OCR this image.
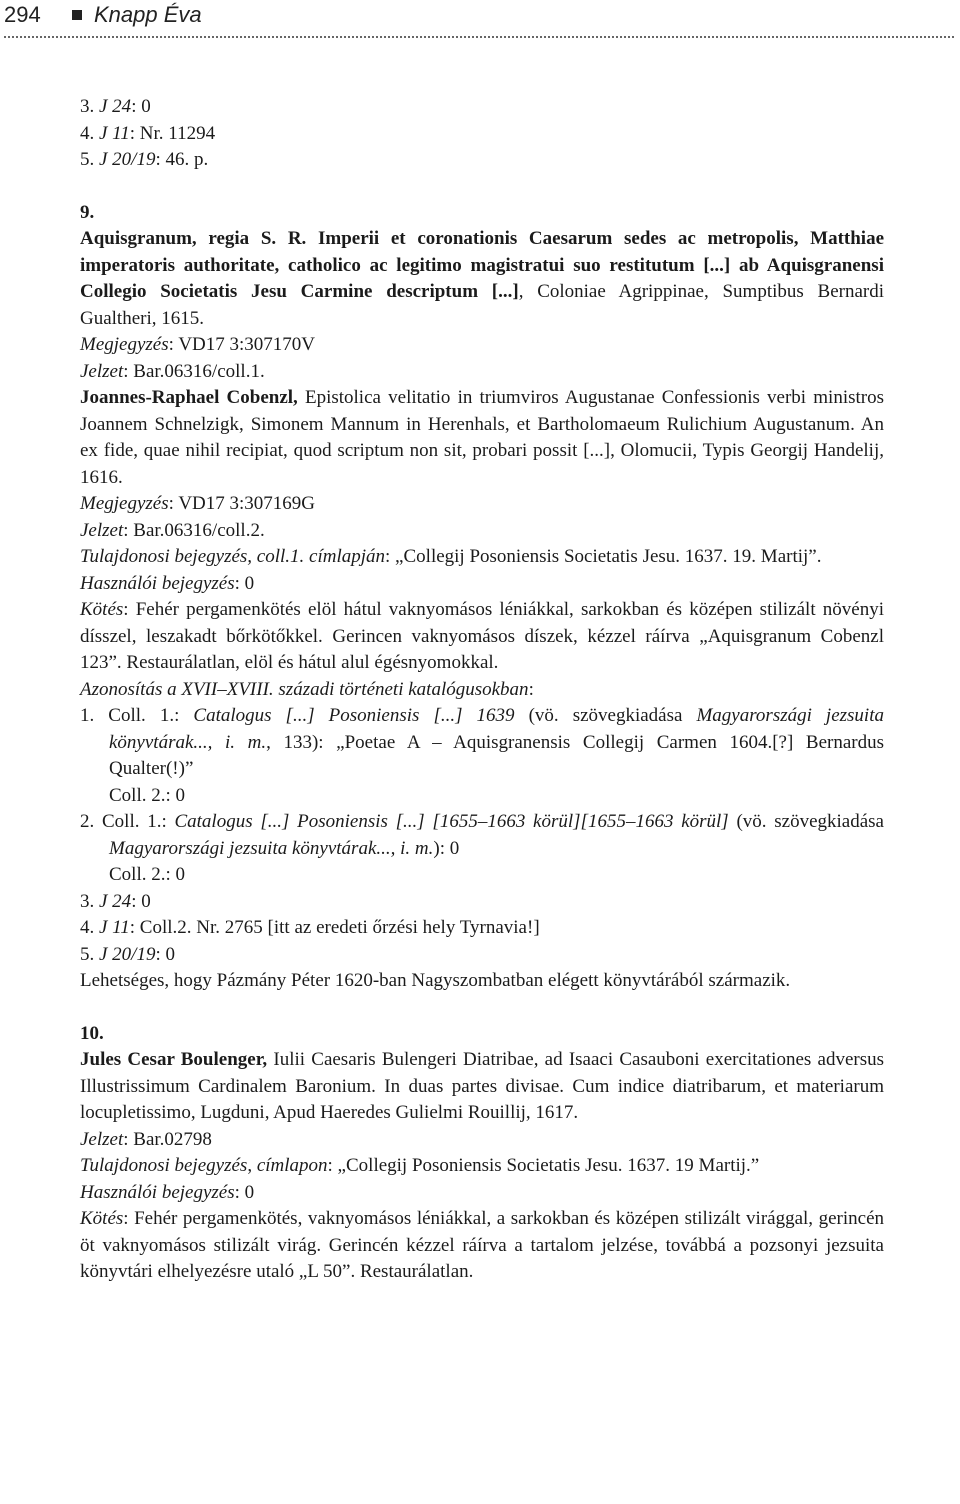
294 Knapp Éva

3. J 24: 0

4. J 11: Nr. 11294

5. J 20/19: 46. p.

9.

Aquisgranum, regia S. R. Imperii et coronationis Caesarum sedes ac metropolis, Matthiae imperatoris authoritate, catholico ac legitimo magistratui suo restitutum [...] ab Aquisgranensi Collegio Societatis Jesu Carmine descriptum [...], Coloniae Agrippinae, Sumptibus Bernardi Gualtheri, 1615.

Megjegyzés: VD17 3:307170V

Jelzet: Bar.06316/coll.1.

Joannes-Raphael Cobenzl, Epistolica velitatio in triumviros Augustanae Confessionis verbi ministros Joannem Schnelzigk, Simonem Mannum in Herenhals, et Bartholomaeum Rulichium Augustanum. An ex fide, quae nihil recipiat, quod scriptum non sit, probari possit [...], Olomucii, Typis Georgij Handelij, 1616.

Megjegyzés: VD17 3:307169G

Jelzet: Bar.06316/coll.2.

Tulajdonosi bejegyzés, coll.1. címlapján: „Collegij Posoniensis Societatis Jesu. 1637. 19. Martij”.

Használói bejegyzés: 0

Kötés: Fehér pergamenkötés elöl hátul vaknyomásos léniákkal, sarkokban és középen stilizált növényi dísszel, leszakadt bőrkötőkkel. Gerincen vaknyomásos díszek, kézzel ráírva „Aquisgranum Cobenzl 123”. Restaurálatlan, elöl és hátul alul égésnyomokkal.

Azonosítás a XVII–XVIII. századi történeti katalógusokban:

1. Coll. 1.: Catalogus [...] Posoniensis [...] 1639 (vö. szövegkiadása Magyarországi jezsuita könyvtárak..., i. m., 133): „Poetae A – Aquisgranensis Collegij Carmen 1604.[?] Bernardus Qualter(!)”

Coll. 2.: 0

2. Coll. 1.: Catalogus [...] Posoniensis [...] [1655–1663 körül][1655–1663 körül] (vö. szövegkiadása Magyarországi jezsuita könyvtárak..., i. m.): 0

Coll. 2.: 0

3. J 24: 0

4. J 11: Coll.2. Nr. 2765 [itt az eredeti őrzési hely Tyrnavia!]

5. J 20/19: 0

Lehetséges, hogy Pázmány Péter 1620-ban Nagyszombatban elégett könyvtárából származik.

10.

Jules Cesar Boulenger, Iulii Caesaris Bulengeri Diatribae, ad Isaaci Casauboni exercitationes adversus Illustrissimum Cardinalem Baronium. In duas partes divisae. Cum indice diatribarum, et materiarum locupletissimo, Lugduni, Apud Haeredes Gulielmi Rouillij, 1617.

Jelzet: Bar.02798

Tulajdonosi bejegyzés, címlapon: „Collegij Posoniensis Societatis Jesu. 1637. 19 Martij.”

Használói bejegyzés: 0

Kötés: Fehér pergamenkötés, vaknyomásos léniákkal, a sarkokban és középen stilizált virággal, gerincén öt vaknyomásos stilizált virág. Gerincén kézzel ráírva a tartalom jelzése, továbbá a pozsonyi jezsuita könyvtári elhelyezésre utaló „L 50”. Restaurálatlan.
